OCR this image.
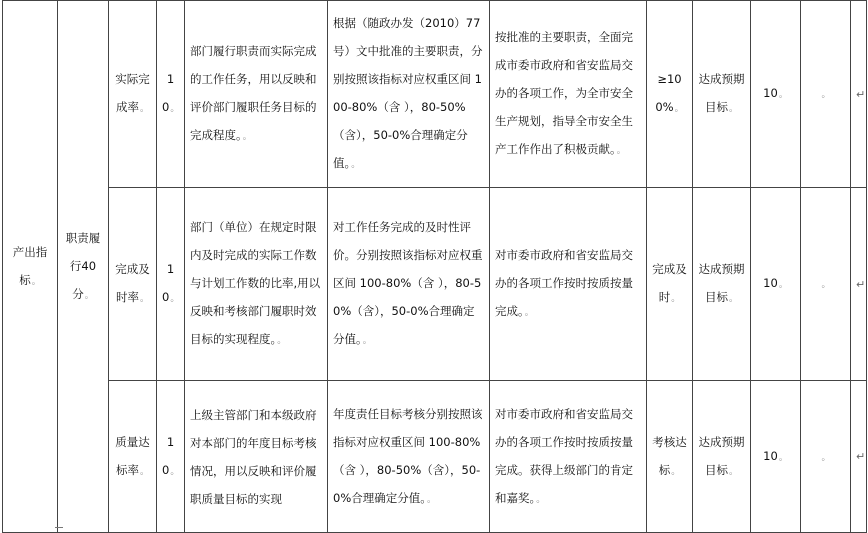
产出指标。	职责履行40分。	实际完成率。	10。	部门履行职责而实际完成的工作任务，用以反映和评价部门履职任务目标的完成程度。。	根据（随政办发（2010）77号）文中批准的主要职责，分别按照该指标对应权重区间 100-80%（含 ），80-50%（含），50-0%合理确定分值。。	按批准的主要职责，全面完成市委市政府和省安监局交办的各项工作，为全市安全生产规划，指导全市安全生产工作作出了积极贡献。。	≥100%。	达成预期目标。	10。	。	↵
		完成及时率。	10。	部门（单位）在规定时限内及时完成的实际工作数与计划工作数的比率,用以反映和考核部门履职时效目标的实现程度。。	对工作任务完成的及时性评价。分别按照该指标对应权重区间 100-80%（含 ），80-50%（含），50-0%合理确定分值。。	对市委市政府和省安监局交办的各项工作按时按质按量完成。。	完成及时。	达成预期目标。	10。	。	↵
		质量达标率。	10。	上级主管部门和本级政府对本部门的年度目标考核情况，用以反映和评价履职质量目标的实现	年度责任目标考核分别按照该指标对应权重区间 100-80%（含 ），80-50%（含），50-0%合理确定分值。。	对市委市政府和省安监局交办的各项工作按时按质按量完成。获得上级部门的肯定和嘉奖。。	考核达标。	达成预期目标。	10。	。	↵
